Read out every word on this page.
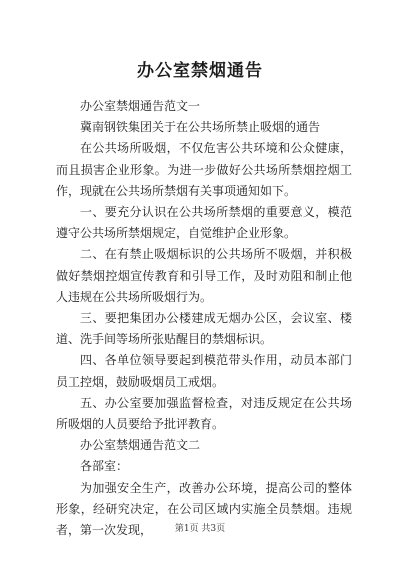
办公室禁烟通告

办公室禁烟通告范文一

冀南钢铁集团关于在公共场所禁止吸烟的通告

在公共场所吸烟，不仅危害公共环境和公众健康，而且损害企业形象。为进一步做好公共场所禁烟控烟工作，现就在公共场所禁烟有关事项通知如下。

一、要充分认识在公共场所禁烟的重要意义，模范遵守公共场所禁烟规定，自觉维护企业形象。

二、在有禁止吸烟标识的公共场所不吸烟，并积极做好禁烟控烟宣传教育和引导工作，及时劝阻和制止他人违规在公共场所吸烟行为。

三、要把集团办公楼建成无烟办公区，会议室、楼道、洗手间等场所张贴醒目的禁烟标识。

四、各单位领导要起到模范带头作用，动员本部门员工控烟，鼓励吸烟员工戒烟。

五、办公室要加强监督检查，对违反规定在公共场所吸烟的人员要给予批评教育。

办公室禁烟通告范文二

各部室：

为加强安全生产，改善办公环境，提高公司的整体形象，经研究决定，在公司区域内实施全员禁烟。违规者，第一次发现，	第1页 共3页
